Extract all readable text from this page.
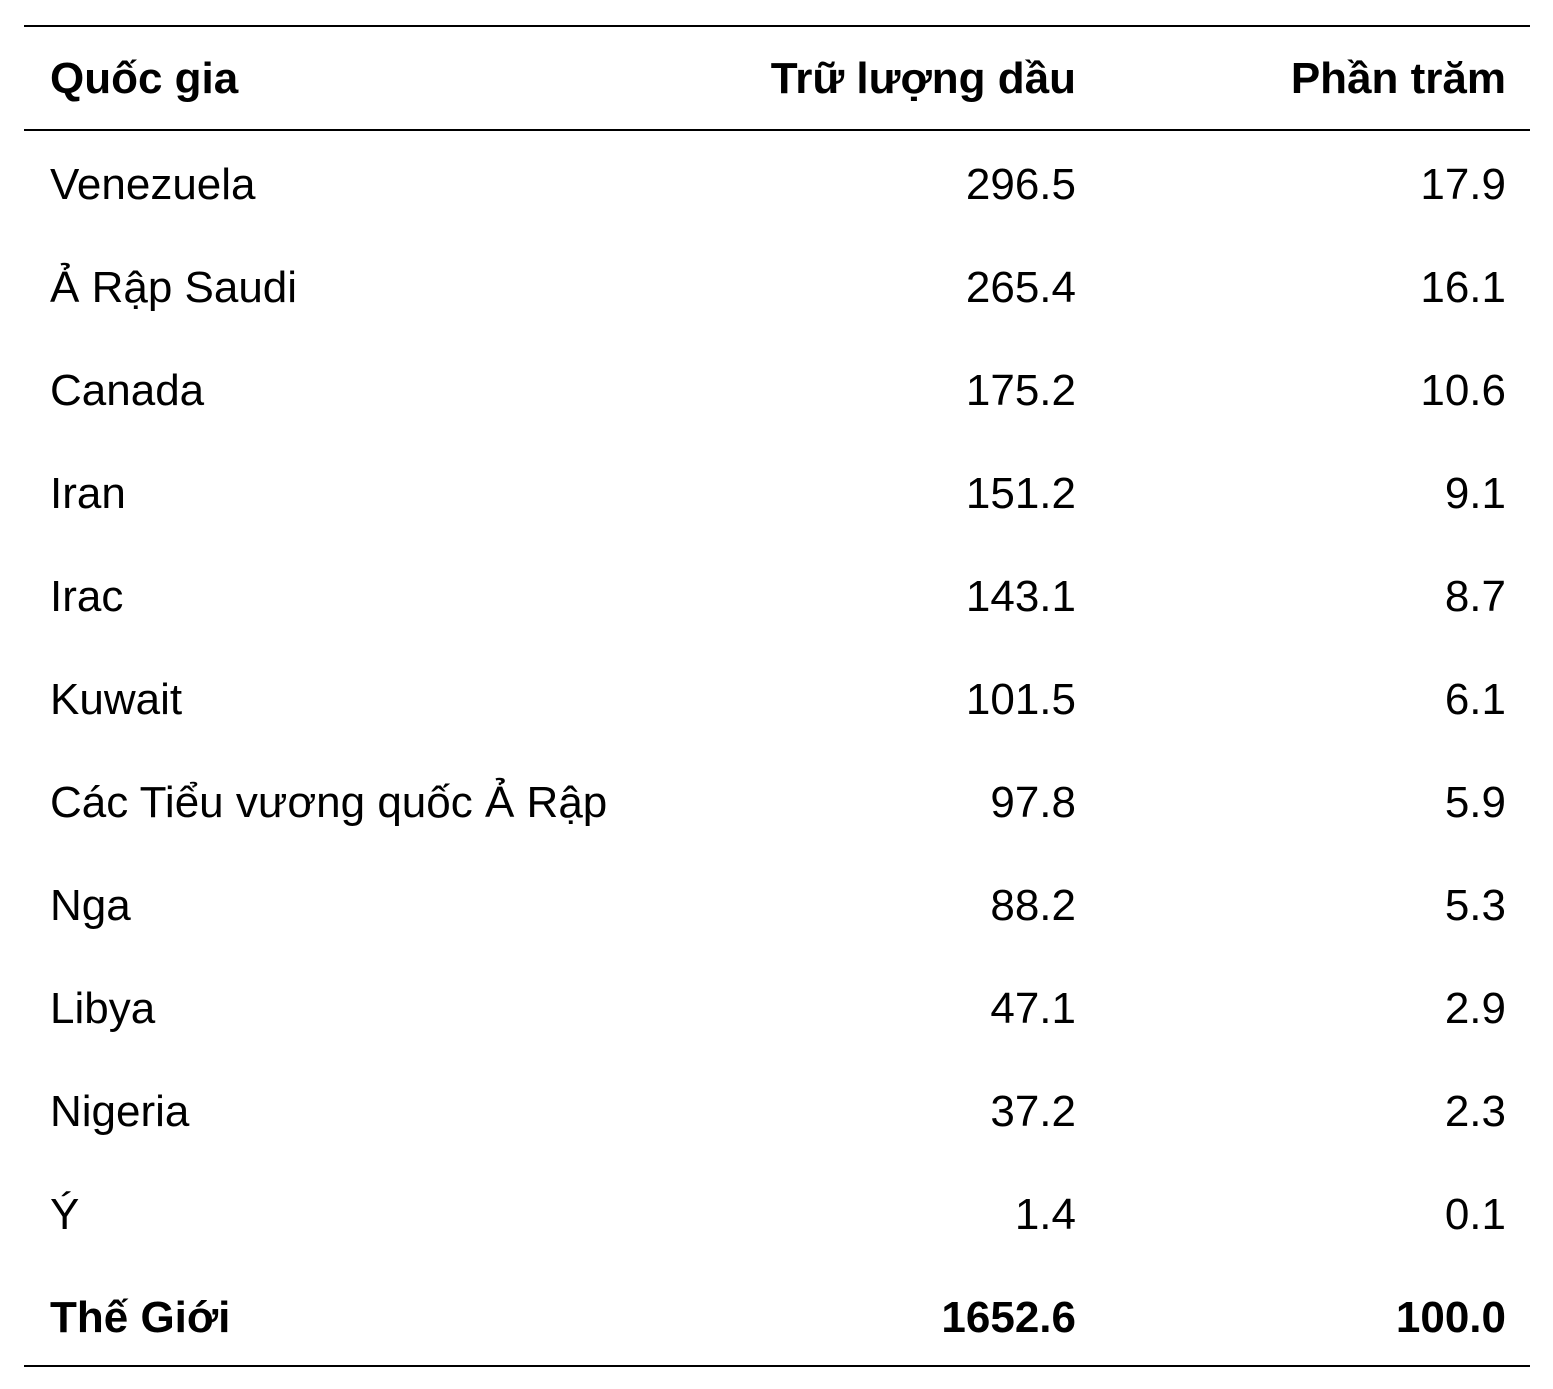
Quốc gia	Trữ lượng dầu	Phần trăm
Venezuela	296.5	17.9
Ả Rập Saudi	265.4	16.1
Canada	175.2	10.6
Iran	151.2	9.1
Irac	143.1	8.7
Kuwait	101.5	6.1
Các Tiểu vương quốc Ả Rập	97.8	5.9
Nga	88.2	5.3
Libya	47.1	2.9
Nigeria	37.2	2.3
Ý	1.4	0.1
Thế Giới	1652.6	100.0
